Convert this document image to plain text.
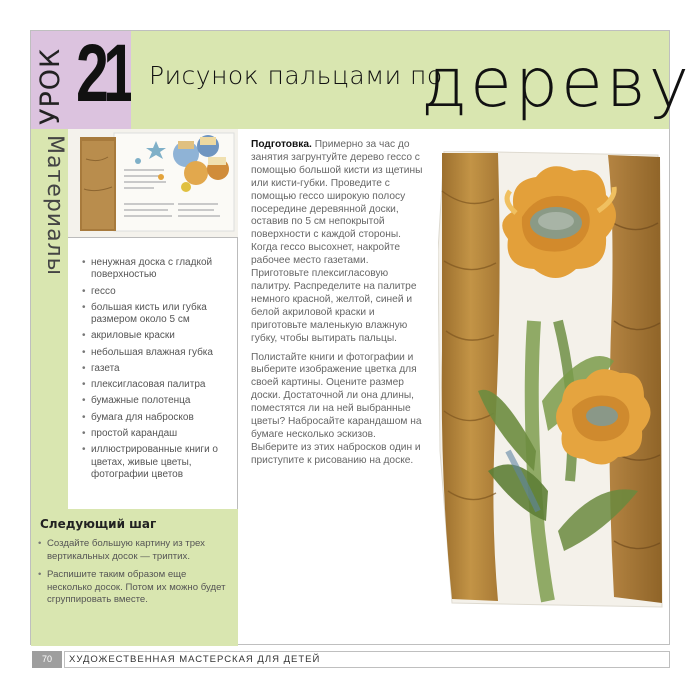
УРОК 21 Рисунок пальцами по
дереву
Материалы
•	ненужная доска с гладкой поверхностью
• гессо
• большая кисть или губка размером около 5 см
• акриловые краски
• небольшая влажная губка
• газета
• плексигласовая палитра
• бумажные полотенца
• бумага для набросков
• простой карандаш
• иллюстрированные книги о цветах, живые цветы, фотографии цветов
Следующий шаг
• Создайте большую картину из трех вертикальных досок — триптих.
• Распишите таким образом еще несколько досок. Потом их можно будет сгруппировать вместе.

Подготовка. Примерно за час до занятия загрунтуйте дерево гессо с помощью большой кисти из щетины или кисти-губки. Проведите с помощью гессо широкую полосу посередине деревянной доски, оставив по 5 см непокрытой поверхности с каждой стороны. Когда гессо высохнет, накройте рабочее место газетами. Приготовьте плексигласовую палитру. Распределите на палитре немного красной, желтой, синей и белой акриловой краски и приготовьте маленькую влажную губку, чтобы вытирать пальцы.

Полистайте книги и фотографии и выберите изображение цветка для своей картины. Оцените размер доски. Достаточной ли она длины, поместятся ли на ней выбранные цветы? Набросайте карандашом на бумаге несколько эскизов. Выберите из этих набросков один и приступите к рисованию на доске.

70	ХУДОЖЕСТВЕННАЯ МАСТЕРСКАЯ ДЛЯ ДЕТЕЙ
